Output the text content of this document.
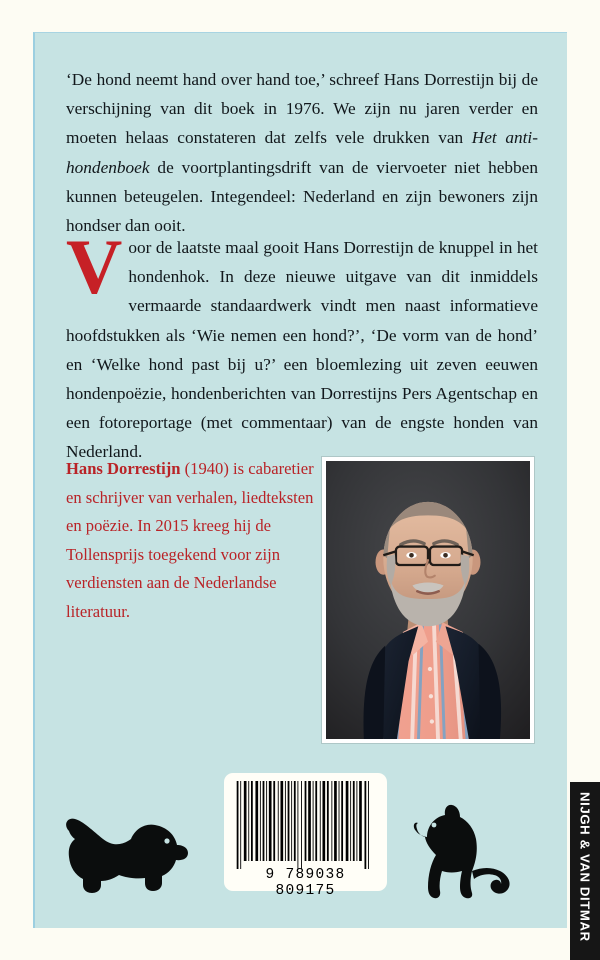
‘De hond neemt hand over hand toe,’ schreef Hans Dorrestijn bij de verschijning van dit boek in 1976. We zijn nu jaren verder en moeten helaas constateren dat zelfs vele drukken van Het anti-hondenboek de voortplantingsdrift van de viervoeter niet hebben kunnen beteugelen. Integendeel: Nederland en zijn bewoners zijn hondser dan ooit.

Voor de laatste maal gooit Hans Dorrestijn de knuppel in het hondenhok. In deze nieuwe uitgave van dit inmiddels vermaarde standaardwerk vindt men naast informatieve hoofdstukken als ‘Wie nemen een hond?’, ‘De vorm van de hond’ en ‘Welke hond past bij u?’ een bloemlezing uit zeven eeuwen hondenpoëzie, hondenberichten van Dorrestijns Pers Agentschap en een fotoreportage (met commentaar) van de engste honden van Nederland.

Hans Dorrestijn (1940) is cabaretier en schrijver van verhalen, liedteksten en poëzie. In 2015 kreeg hij de Tollensprijs toegekend voor zijn verdiensten aan de Nederlandse literatuur.

9 789038 809175	NIJGH & VAN DITMAR
